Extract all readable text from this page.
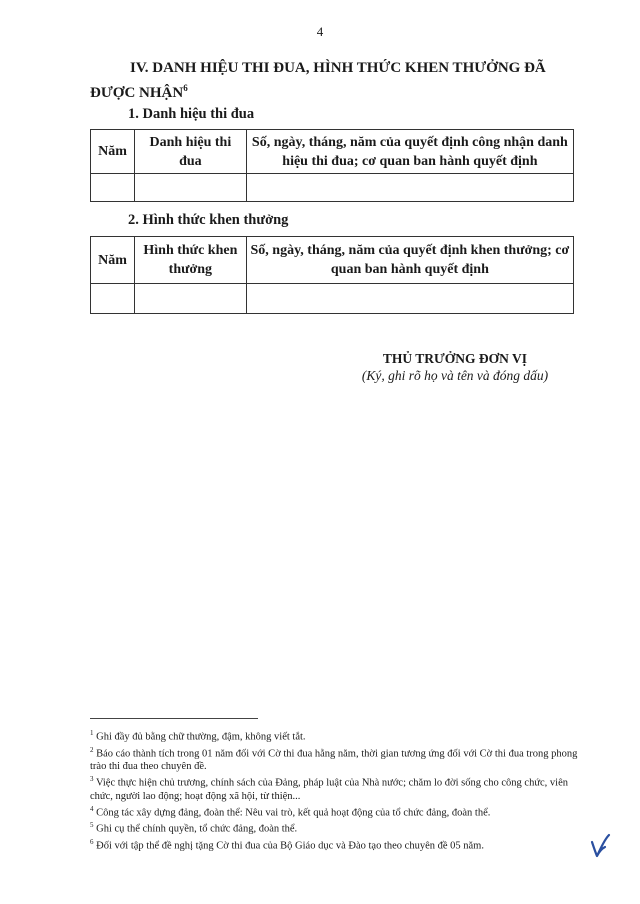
4
IV. DANH HIỆU THI ĐUA, HÌNH THỨC KHEN THƯỞNG ĐÃ ĐƯỢC NHẬN$^6$
1. Danh hiệu thi đua
Năm	Danh hiệu thi đua	Số, ngày, tháng, năm của quyết định công nhận danh hiệu thi đua; cơ quan ban hành quyết định

2. Hình thức khen thưởng
Năm	Hình thức khen thưởng	Số, ngày, tháng, năm của quyết định khen thưởng; cơ quan ban hành quyết định

THỦ TRƯỞNG ĐƠN VỊ
(Ký, ghi rõ họ và tên và đóng dấu)

$^1$ Ghi đầy đủ bằng chữ thường, đậm, không viết tắt.

$^2$ Báo cáo thành tích trong 01 năm đối với Cờ thi đua hằng năm, thời gian tương ứng đối với Cờ thi đua trong phong trào thi đua theo chuyên đề.

$^3$ Việc thực hiện chủ trương, chính sách của Đảng, pháp luật của Nhà nước; chăm lo đời sống cho công chức, viên chức, người lao động; hoạt động xã hội, từ thiện...

$^4$ Công tác xây dựng đảng, đoàn thể: Nêu vai trò, kết quả hoạt động của tổ chức đảng, đoàn thể.

$^5$ Ghi cụ thể chính quyền, tổ chức đảng, đoàn thể.

$^6$ Đối với tập thể đề nghị tặng Cờ thi đua của Bộ Giáo dục và Đào tạo theo chuyên đề 05 năm.
